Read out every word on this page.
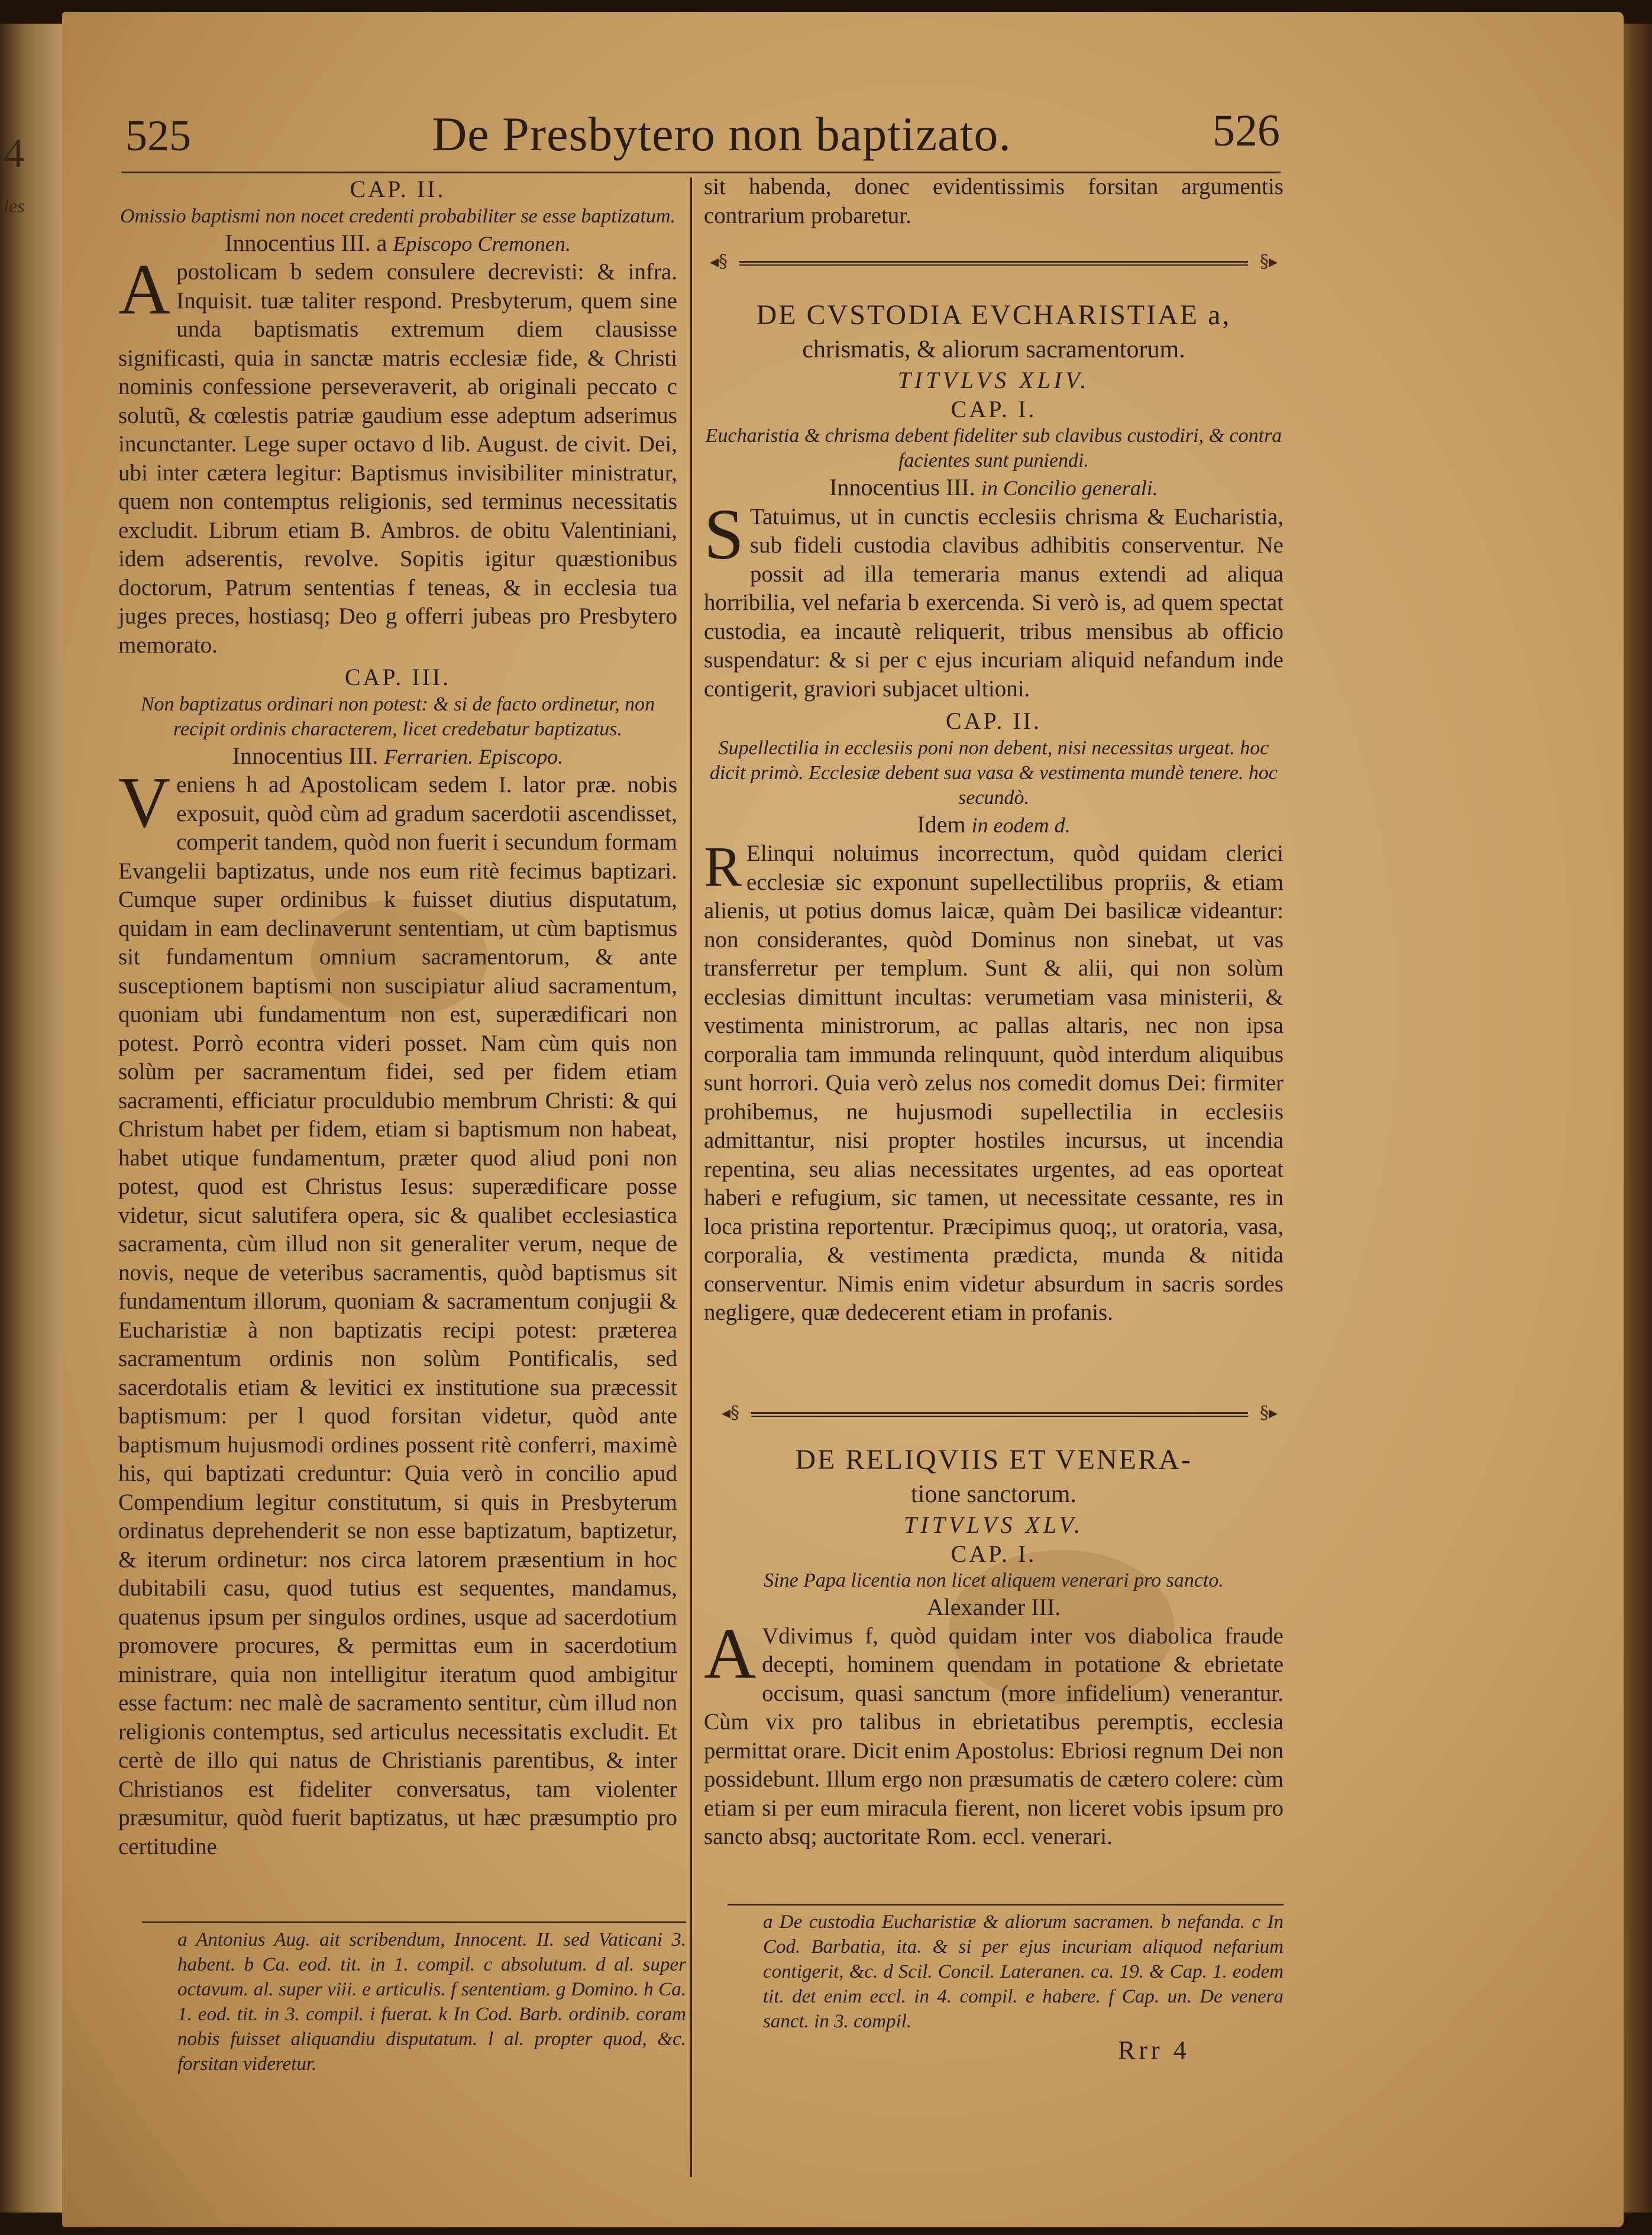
4
les
525	De Presbytero non baptizato.	526
CAP. II.
Omissio baptismi non nocet credenti probabiliter se esse baptizatum.
Innocentius III. a Episcopo Cremonen.

Apostolicam b sedem consulere decrevisti: & infra. Inquisit. tuæ taliter respond. Presbyterum, quem sine unda baptismatis extremum diem clausisse significasti, quia in sanctæ matris ecclesiæ fide, & Christi nominis confessione perseveraverit, ab originali peccato c solutũ, & cœlestis patriæ gaudium esse adeptum adserimus incunctanter. Lege super octavo d lib. August. de civit. Dei, ubi inter cætera legitur: Baptismus invisibiliter ministratur, quem non contemptus religionis, sed terminus necessitatis excludit. Librum etiam B. Ambros. de obitu Valentiniani, idem adserentis, revolve. Sopitis igitur quæstionibus doctorum, Patrum sententias f teneas, & in ecclesia tua juges preces, hostiasq; Deo g offerri jubeas pro Presbytero memorato.

CAP. III.
Non baptizatus ordinari non potest: & si de facto ordinetur, non recipit ordinis characterem, licet credebatur baptizatus.
Innocentius III. Ferrarien. Episcopo.

Veniens h ad Apostolicam sedem I. lator præ. nobis exposuit, quòd cùm ad gradum sacerdotii ascendisset, comperit tandem, quòd non fuerit i secundum formam Evangelii baptizatus, unde nos eum ritè fecimus baptizari. Cumque super ordinibus k fuisset diutius disputatum, quidam in eam declinaverunt sententiam, ut cùm baptismus sit fundamentum omnium sacramentorum, & ante susceptionem baptismi non suscipiatur aliud sacramentum, quoniam ubi fundamentum non est, superædificari non potest. Porrò econtra videri posset. Nam cùm quis non solùm per sacramentum fidei, sed per fidem etiam sacramenti, efficiatur proculdubio membrum Christi: & qui Christum habet per fidem, etiam si baptismum non habeat, habet utique fundamentum, præter quod aliud poni non potest, quod est Christus Iesus: superædificare posse videtur, sicut salutifera opera, sic & qualibet ecclesiastica sacramenta, cùm illud non sit generaliter verum, neque de novis, neque de veteribus sacramentis, quòd baptismus sit fundamentum illorum, quoniam & sacramentum conjugii & Eucharistiæ à non baptizatis recipi potest: præterea sacramentum ordinis non solùm Pontificalis, sed sacerdotalis etiam & levitici ex institutione sua præcessit baptismum: per l quod forsitan videtur, quòd ante baptismum hujusmodi ordines possent ritè conferri, maximè his, qui baptizati creduntur: Quia verò in concilio apud Compendium legitur constitutum, si quis in Presbyterum ordinatus deprehenderit se non esse baptizatum, baptizetur, & iterum ordinetur: nos circa latorem præsentium in hoc dubitabili casu, quod tutius est sequentes, mandamus, quatenus ipsum per singulos ordines, usque ad sacerdotium promovere procures, & permittas eum in sacerdotium ministrare, quia non intelligitur iteratum quod ambigitur esse factum: nec malè de sacramento sentitur, cùm illud non religionis contemptus, sed articulus necessitatis excludit. Et certè de illo qui natus de Christianis parentibus, & inter Christianos est fideliter conversatus, tam violenter præsumitur, quòd fuerit baptizatus, ut hæc præsumptio pro certitudine

sit habenda, donec evidentissimis forsitan argumentis contrarium probaretur.

◂§	§▸
DE CVSTODIA EVCHARISTIAE a,
chrismatis, & aliorum sacramentorum.
TITVLVS XLIV.
CAP. I.
Eucharistia & chrisma debent fideliter sub clavibus custodiri, & contra facientes sunt puniendi.
Innocentius III. in Concilio generali.

S Tatuimus, ut in cunctis ecclesiis chrisma & Eucharistia, sub fideli custodia clavibus adhibitis conserventur. Ne possit ad illa temeraria manus extendi ad aliqua horribilia, vel nefaria b exercenda. Si verò is, ad quem spectat custodia, ea incautè reliquerit, tribus mensibus ab officio suspendatur: & si per c ejus incuriam aliquid nefandum inde contigerit, graviori subjacet ultioni.

CAP. II.
Supellectilia in ecclesiis poni non debent, nisi necessitas urgeat. hoc dicit primò. Ecclesiæ debent sua vasa & vestimenta mundè tenere. hoc secundò.
Idem in eodem d.

R Elinqui noluimus incorrectum, quòd quidam clerici ecclesiæ sic exponunt supellectilibus propriis, & etiam alienis, ut potius domus laicæ, quàm Dei basilicæ videantur: non considerantes, quòd Dominus non sinebat, ut vas transferretur per templum. Sunt & alii, qui non solùm ecclesias dimittunt incultas: verumetiam vasa ministerii, & vestimenta ministrorum, ac pallas altaris, nec non ipsa corporalia tam immunda relinquunt, quòd interdum aliquibus sunt horrori. Quia verò zelus nos comedit domus Dei: firmiter prohibemus, ne hujusmodi supellectilia in ecclesiis admittantur, nisi propter hostiles incursus, ut incendia repentina, seu alias necessitates urgentes, ad eas oporteat haberi e refugium, sic tamen, ut necessitate cessante, res in loca pristina reportentur. Præcipimus quoq;, ut oratoria, vasa, corporalia, & vestimenta prædicta, munda & nitida conserventur. Nimis enim videtur absurdum in sacris sordes negligere, quæ dedecerent etiam in profanis.

◂§	§▸
DE RELIQVIIS ET VENERA-
tione sanctorum.
TITVLVS XLV.
CAP. I.
Sine Papa licentia non licet aliquem venerari pro sancto.
Alexander III.

A Vdivimus f, quòd quidam inter vos diabolica fraude decepti, hominem quendam in potatione & ebrietate occisum, quasi sanctum (more infidelium) venerantur. Cùm vix pro talibus in ebrietatibus peremptis, ecclesia permittat orare. Dicit enim Apostolus: Ebriosi regnum Dei non possidebunt. Illum ergo non præsumatis de cætero colere: cùm etiam si per eum miracula fierent, non liceret vobis ipsum pro sancto absq; auctoritate Rom. eccl. venerari.

a Antonius Aug. ait scribendum, Innocent. II. sed Vaticani 3. habent. b Ca. eod. tit. in 1. compil. c absolutum. d al. super octavum. al. super viii. e articulis. f sententiam. g Domino. h Ca. 1. eod. tit. in 3. compil. i fuerat. k In Cod. Barb. ordinib. coram nobis fuisset aliquandiu disputatum. l al. propter quod, &c. forsitan videretur.

a De custodia Eucharistiæ & aliorum sacramen. b nefanda. c In Cod. Barbatia, ita. & si per ejus incuriam aliquod nefarium contigerit, &c. d Scil. Concil. Lateranen. ca. 19. & Cap. 1. eodem tit. det enim eccl. in 4. compil. e habere. f Cap. un. De venera sanct. in 3. compil.

Rrr 4
